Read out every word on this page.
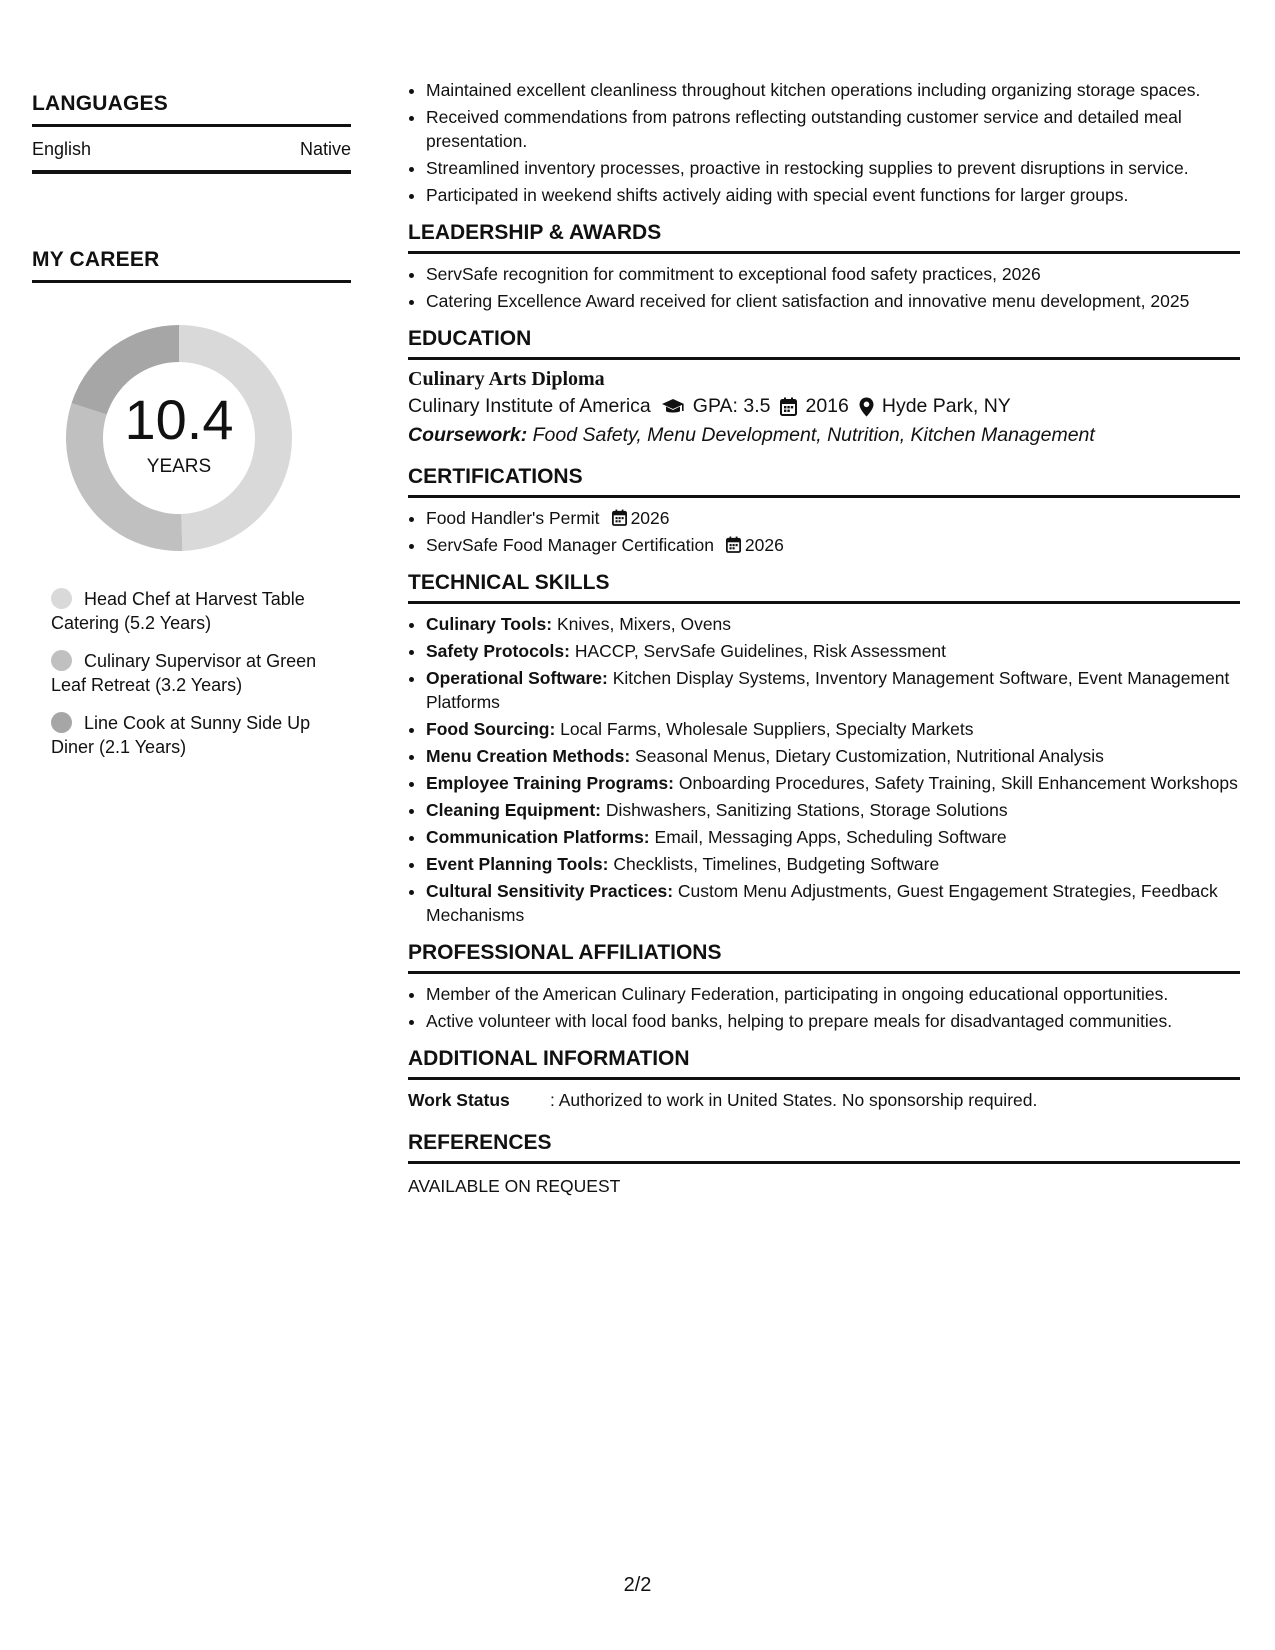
LANGUAGES
English	Native
MY CAREER
10.4
YEARS
Head Chef at Harvest Table Catering (5.2 Years)
Culinary Supervisor at Green Leaf Retreat (3.2 Years)
Line Cook at Sunny Side Up Diner (2.1 Years)
• Maintained excellent cleanliness throughout kitchen operations including organizing storage spaces.
• Received commendations from patrons reflecting outstanding customer service and detailed meal presentation.
• Streamlined inventory processes, proactive in restocking supplies to prevent disruptions in service.
• Participated in weekend shifts actively aiding with special event functions for larger groups.
LEADERSHIP & AWARDS
• ServSafe recognition for commitment to exceptional food safety practices, 2026
• Catering Excellence Award received for client satisfaction and innovative menu development, 2025
EDUCATION
Culinary Arts Diploma
Culinary Institute of America GPA: 3.5 2016 Hyde Park, NY
Coursework: Food Safety, Menu Development, Nutrition, Kitchen Management
CERTIFICATIONS
• Food Handler's Permit 2026
• ServSafe Food Manager Certification 2026
TECHNICAL SKILLS
• Culinary Tools: Knives, Mixers, Ovens
• Safety Protocols: HACCP, ServSafe Guidelines, Risk Assessment
• Operational Software: Kitchen Display Systems, Inventory Management Software, Event Management Platforms
• Food Sourcing: Local Farms, Wholesale Suppliers, Specialty Markets
• Menu Creation Methods: Seasonal Menus, Dietary Customization, Nutritional Analysis
• Employee Training Programs: Onboarding Procedures, Safety Training, Skill Enhancement Workshops
• Cleaning Equipment: Dishwashers, Sanitizing Stations, Storage Solutions
• Communication Platforms: Email, Messaging Apps, Scheduling Software
• Event Planning Tools: Checklists, Timelines, Budgeting Software
• Cultural Sensitivity Practices: Custom Menu Adjustments, Guest Engagement Strategies, Feedback Mechanisms
PROFESSIONAL AFFILIATIONS
• Member of the American Culinary Federation, participating in ongoing educational opportunities.
• Active volunteer with local food banks, helping to prepare meals for disadvantaged communities.
ADDITIONAL INFORMATION
Work Status	: Authorized to work in United States. No sponsorship required.
REFERENCES
AVAILABLE ON REQUEST
2/2
